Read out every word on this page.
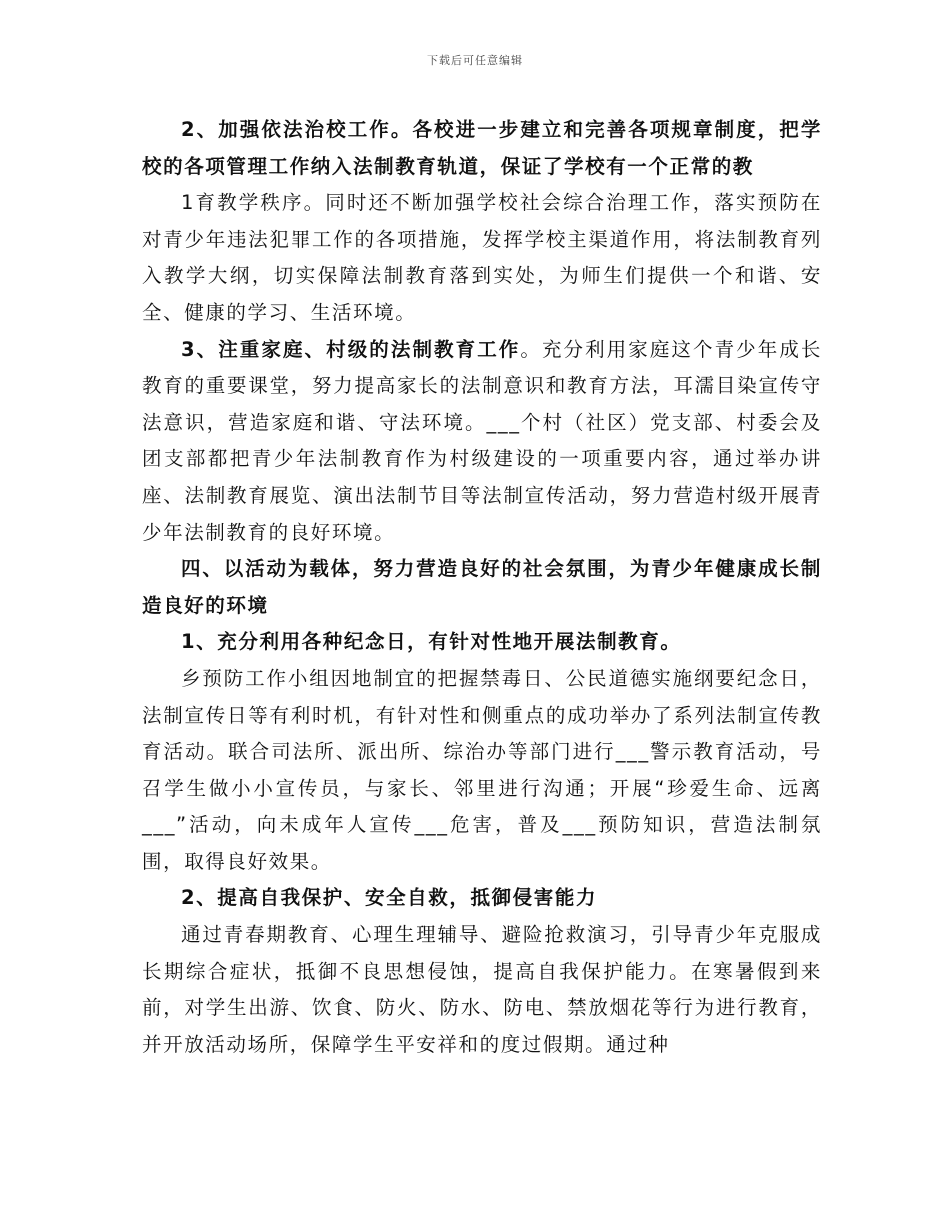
下载后可任意编辑

2、加强依法治校工作。各校进一步建立和完善各项规章制度，把学校的各项管理工作纳入法制教育轨道，保证了学校有一个正常的教

1育教学秩序。同时还不断加强学校社会综合治理工作，落实预防在对青少年违法犯罪工作的各项措施，发挥学校主渠道作用，将法制教育列入教学大纲，切实保障法制教育落到实处，为师生们提供一个和谐、安全、健康的学习、生活环境。

3、注重家庭、村级的法制教育工作。充分利用家庭这个青少年成长教育的重要课堂，努力提高家长的法制意识和教育方法，耳濡目染宣传守法意识，营造家庭和谐、守法环境。___个村（社区）党支部、村委会及团支部都把青少年法制教育作为村级建设的一项重要内容，通过举办讲座、法制教育展览、演出法制节目等法制宣传活动，努力营造村级开展青少年法制教育的良好环境。

四、以活动为载体，努力营造良好的社会氛围，为青少年健康成长制造良好的环境

1、充分利用各种纪念日，有针对性地开展法制教育。

乡预防工作小组因地制宜的把握禁毒日、公民道德实施纲要纪念日，法制宣传日等有利时机，有针对性和侧重点的成功举办了系列法制宣传教育活动。联合司法所、派出所、综治办等部门进行___警示教育活动，号召学生做小小宣传员，与家长、邻里进行沟通；开展“珍爱生命、远离___”活动，向未成年人宣传___危害，普及___预防知识，营造法制氛围，取得良好效果。

2、提高自我保护、安全自救，抵御侵害能力

通过青春期教育、心理生理辅导、避险抢救演习，引导青少年克服成长期综合症状，抵御不良思想侵蚀，提高自我保护能力。在寒暑假到来前，对学生出游、饮食、防火、防水、防电、禁放烟花等行为进行教育，并开放活动场所，保障学生平安祥和的度过假期。通过种
